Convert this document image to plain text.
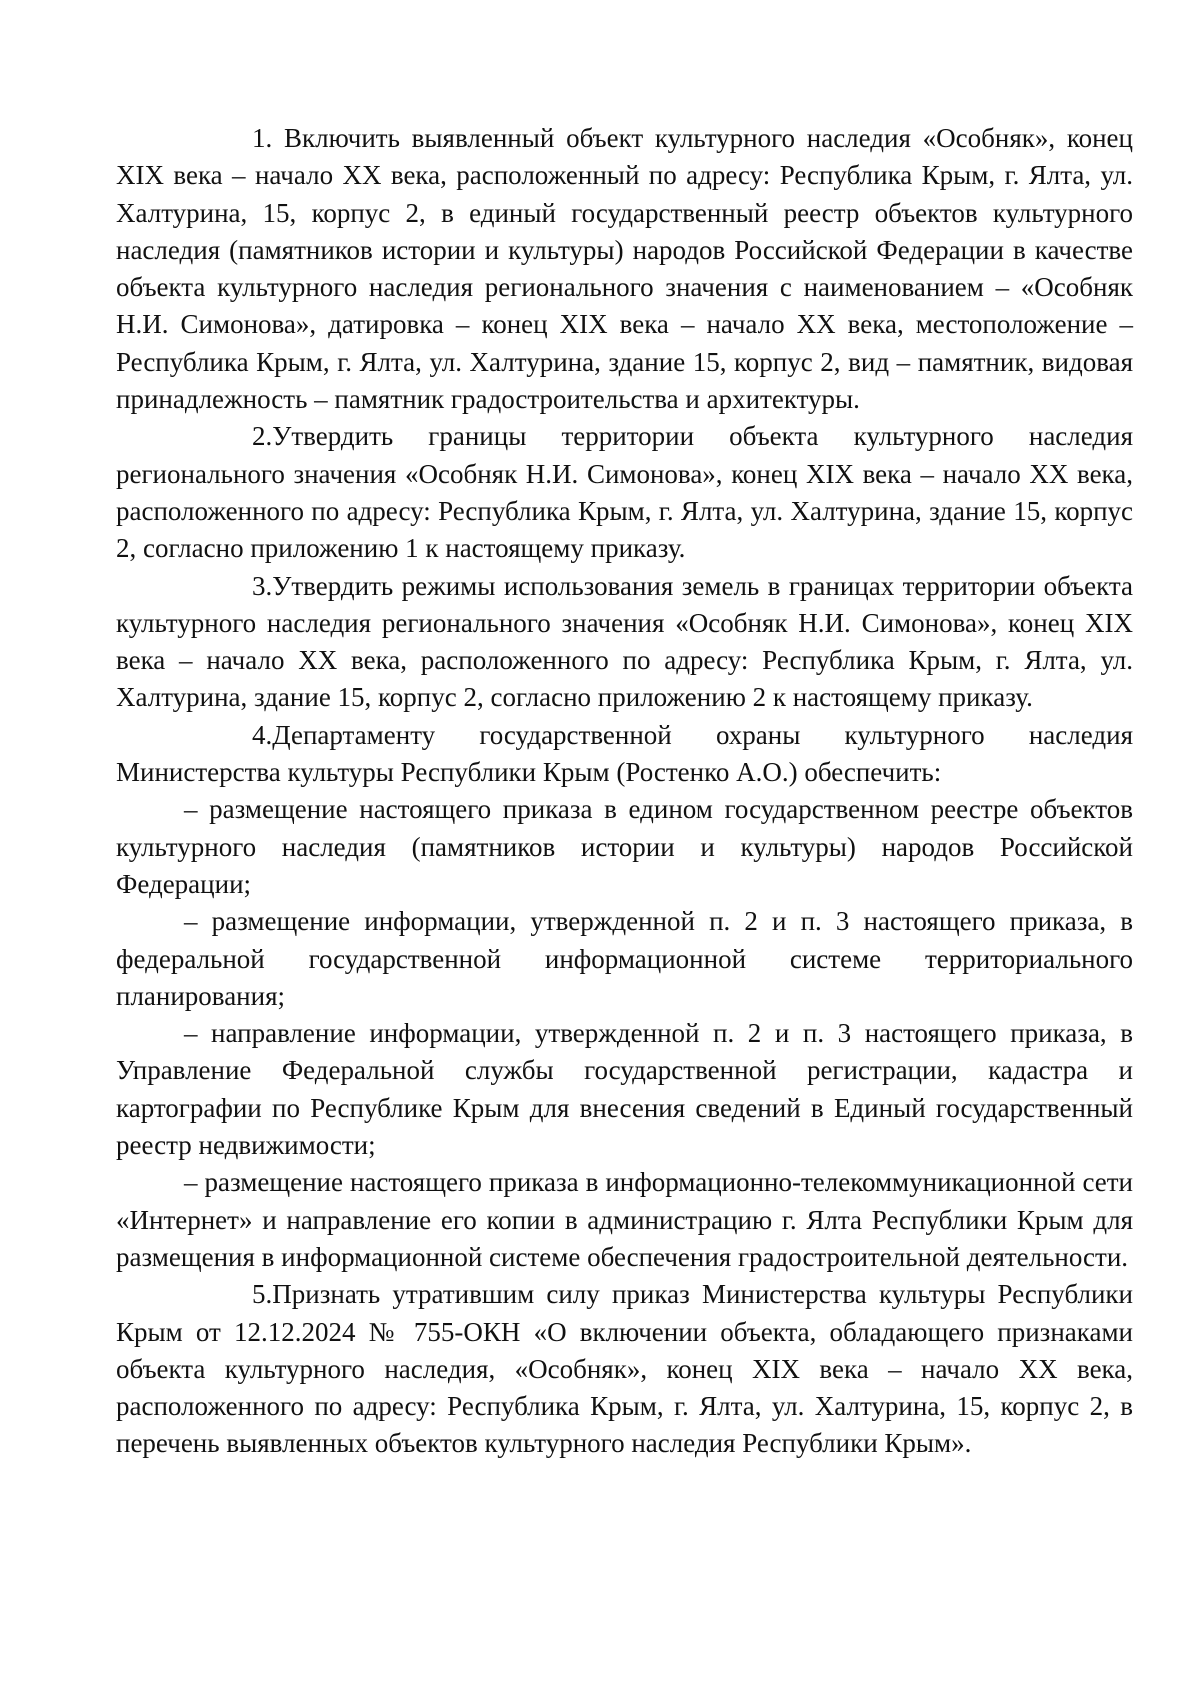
1. Включить выявленный объект культурного наследия «Особняк», конец XIX века – начало XX века, расположенный по адресу: Республика Крым, г. Ялта, ул. Халтурина, 15, корпус 2, в единый государственный реестр объектов культурного наследия (памятников истории и культуры) народов Российской Федерации в качестве объекта культурного наследия регионального значения с наименованием – «Особняк Н.И. Симонова», датировка – конец XIX века – начало XX века, местоположение – Республика Крым, г. Ялта, ул. Халтурина, здание 15, корпус 2, вид – памятник, видовая принадлежность – памятник градостроительства и архитектуры.

2.Утвердить границы территории объекта культурного наследия регионального значения «Особняк Н.И. Симонова», конец XIX века – начало XX века, расположенного по адресу: Республика Крым, г. Ялта, ул. Халтурина, здание 15, корпус 2, согласно приложению 1 к настоящему приказу.

3.Утвердить режимы использования земель в границах территории объекта культурного наследия регионального значения «Особняк Н.И. Симонова», конец XIX века – начало XX века, расположенного по адресу: Республика Крым, г. Ялта, ул. Халтурина, здание 15, корпус 2, согласно приложению 2 к настоящему приказу.

4.Департаменту государственной охраны культурного наследия Министерства культуры Республики Крым (Ростенко А.О.) обеспечить:

– размещение настоящего приказа в едином государственном реестре объектов культурного наследия (памятников истории и культуры) народов Российской Федерации;

– размещение информации, утвержденной п. 2 и п. 3 настоящего приказа, в федеральной государственной информационной системе территориального планирования;

– направление информации, утвержденной п. 2 и п. 3 настоящего приказа, в Управление Федеральной службы государственной регистрации, кадастра и картографии по Республике Крым для внесения сведений в Единый государственный реестр недвижимости;

– размещение настоящего приказа в информационно-телекоммуникационной сети «Интернет» и направление его копии в администрацию г. Ялта Республики Крым для размещения в информационной системе обеспечения градостроительной деятельности.

5.Признать утратившим силу приказ Министерства культуры Республики Крым от 12.12.2024 № 755-ОКН «О включении объекта, обладающего признаками объекта культурного наследия, «Особняк», конец XIX века – начало XX века, расположенного по адресу: Республика Крым, г. Ялта, ул. Халтурина, 15, корпус 2, в перечень выявленных объектов культурного наследия Республики Крым».
